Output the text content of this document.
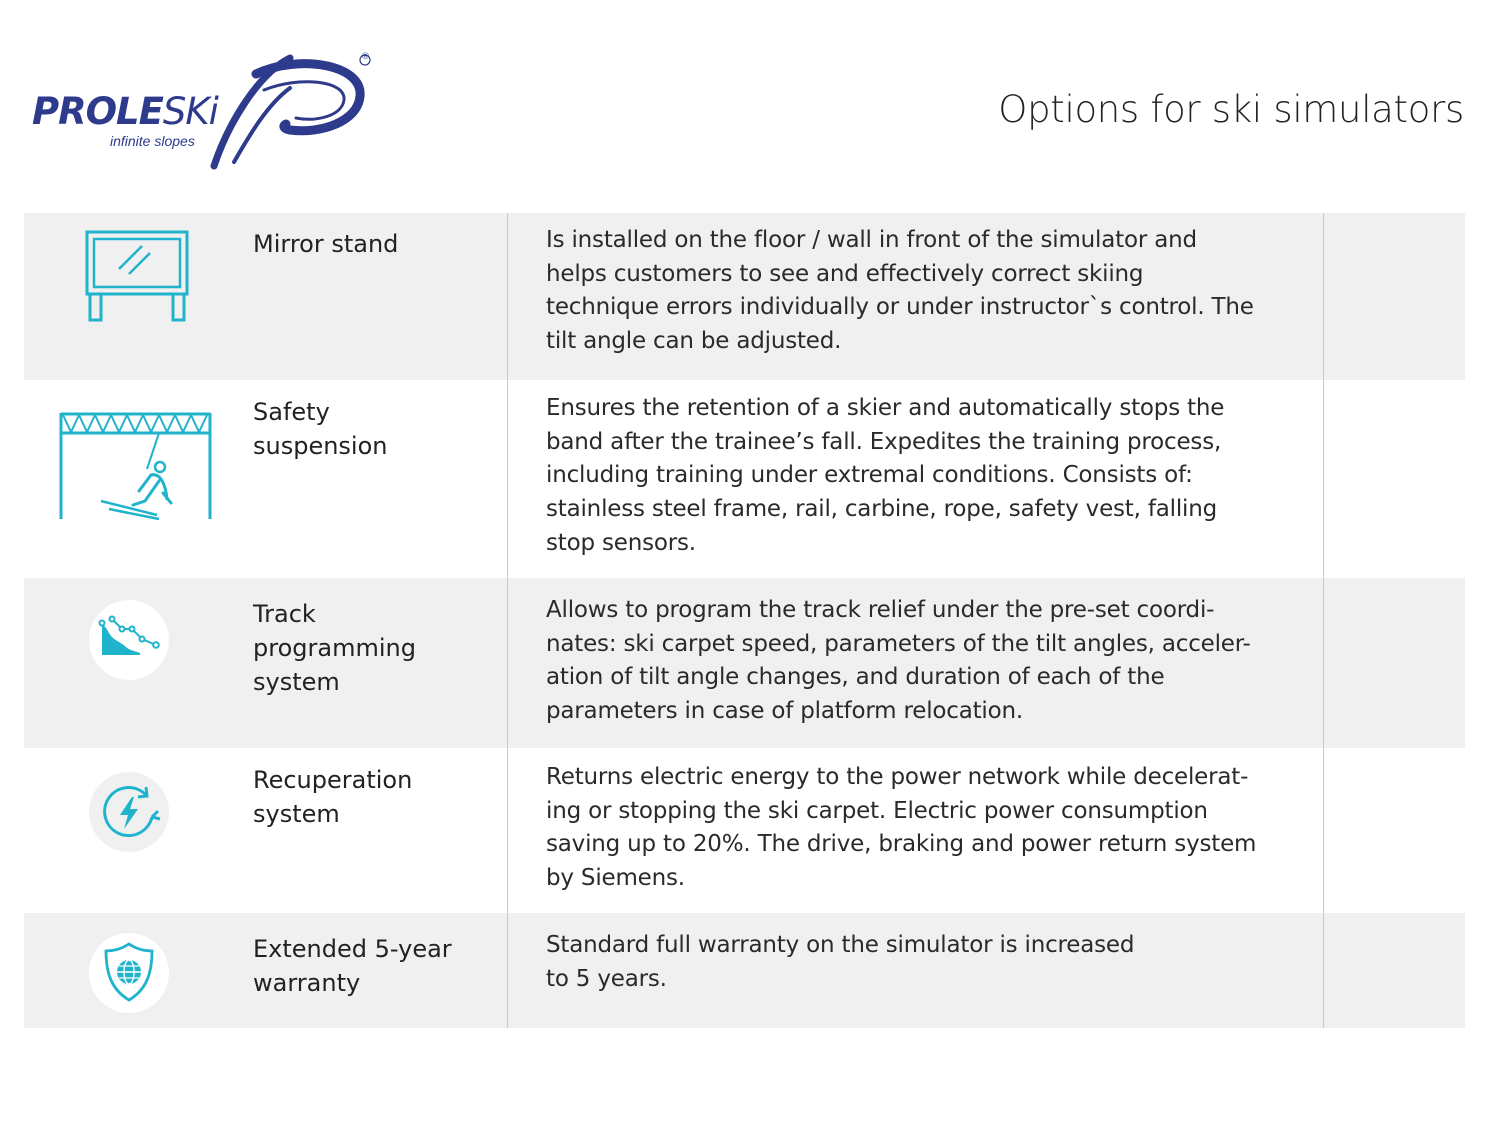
PROLESKi
infinite slopes
®
Options for ski simulators
Mirror stand	Is installed on the floor / wall in front of the simulator and
helps customers to see and effectively correct skiing
technique errors individually or under instructor`s control. The
tilt angle can be adjusted.
Safety
suspension
Ensures the retention of a skier and automatically stops the
band after the trainee’s fall. Expedites the training process,
including training under extremal conditions. Consists of:
stainless steel frame, rail, carbine, rope, safety vest, falling
stop sensors.
Track
programming
system
Allows to program the track relief under the pre-set coordi-
nates: ski carpet speed, parameters of the tilt angles, acceler-
ation of tilt angle changes, and duration of each of the
parameters in case of platform relocation.
Recuperation
system
Returns electric energy to the power network while decelerat-
ing or stopping the ski carpet. Electric power consumption
saving up to 20%. The drive, braking and power return system
by Siemens.
Extended 5-year
warranty
Standard full warranty on the simulator is increased
to 5 years.
